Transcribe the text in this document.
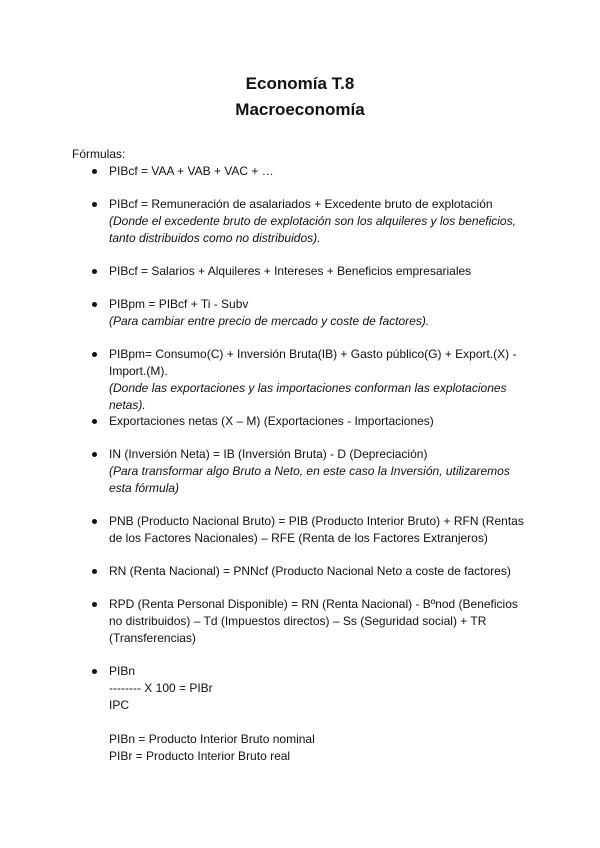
Economía T.8
Macroeconomía
Fórmulas:
PIBcf = VAA + VAB + VAC + …
PIBcf = Remuneración de asalariados + Excedente bruto de explotación
(Donde el excedente bruto de explotación son los alquileres y los beneficios,
tanto distribuidos como no distribuidos).
PIBcf = Salarios + Alquileres + Intereses + Beneficios empresariales
PIBpm = PIBcf + Ti - Subv
(Para cambiar entre precio de mercado y coste de factores).
PIBpm= Consumo(C) + Inversión Bruta(IB) + Gasto público(G) + Export.(X) -
Import.(M).
(Donde las exportaciones y las importaciones conforman las explotaciones
netas).
Exportaciones netas (X – M) (Exportaciones - Importaciones)
IN (Inversión Neta) = IB (Inversión Bruta) - D (Depreciación)
(Para transformar algo Bruto a Neto, en este caso la Inversión, utilizaremos
esta fórmula)
PNB (Producto Nacional Bruto) = PIB (Producto Interior Bruto) + RFN (Rentas
de los Factores Nacionales) – RFE (Renta de los Factores Extranjeros)
RN (Renta Nacional) = PNNcf (Producto Nacional Neto a coste de factores)
RPD (Renta Personal Disponible) = RN (Renta Nacional) - Bºnod (Beneficios
no distribuidos) – Td (Impuestos directos) – Ss (Seguridad social) + TR
(Transferencias)
PIBn
-------- X 100 = PIBr
IPC
PIBn = Producto Interior Bruto nominal
PIBr = Producto Interior Bruto real
